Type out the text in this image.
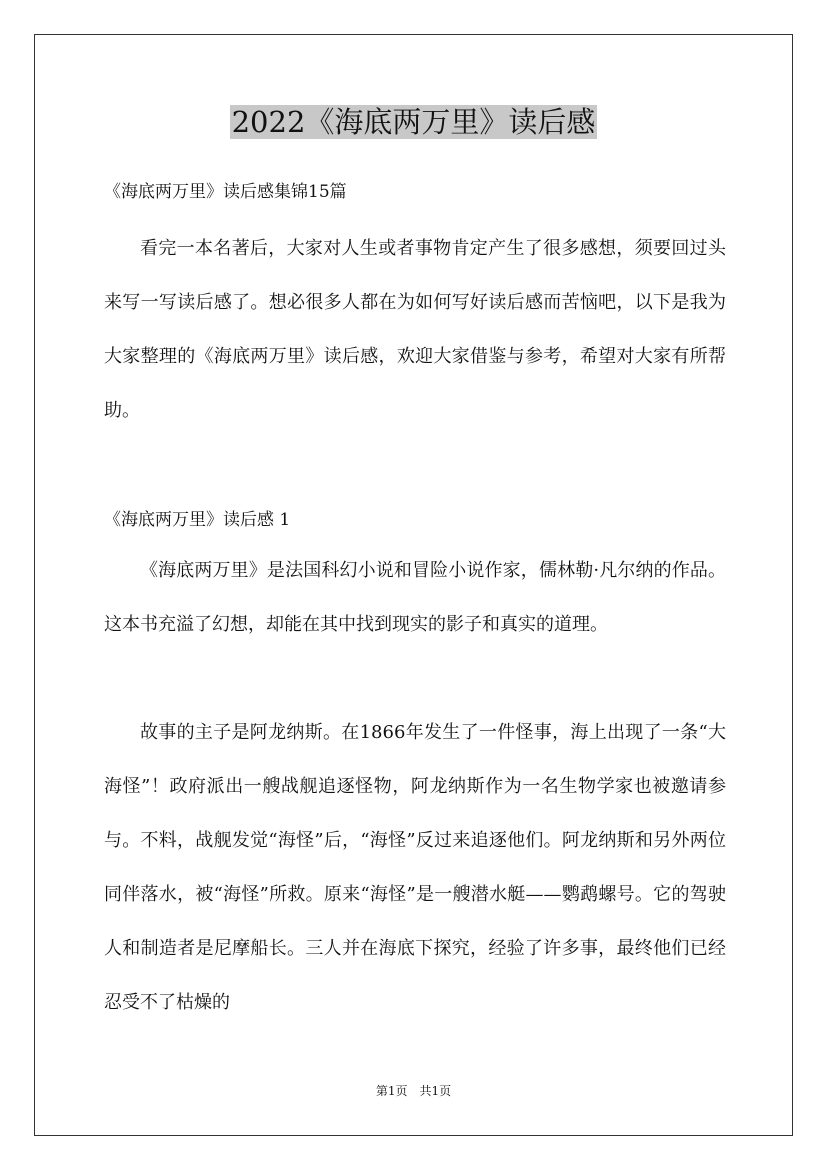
2022《海底两万里》读后感

《海底两万里》读后感集锦15篇

看完一本名著后，大家对人生或者事物肯定产生了很多感想，须要回过头来写一写读后感了。想必很多人都在为如何写好读后感而苦恼吧，以下是我为大家整理的《海底两万里》读后感，欢迎大家借鉴与参考，希望对大家有所帮助。

《海底两万里》读后感 1

《海底两万里》是法国科幻小说和冒险小说作家，儒林勒·凡尔纳的作品。这本书充溢了幻想，却能在其中找到现实的影子和真实的道理。

故事的主子是阿龙纳斯。在1866年发生了一件怪事，海上出现了一条“大海怪”！政府派出一艘战舰追逐怪物，阿龙纳斯作为一名生物学家也被邀请参与。不料，战舰发觉“海怪”后，“海怪”反过来追逐他们。阿龙纳斯和另外两位同伴落水，被“海怪”所救。原来“海怪”是一艘潜水艇——鹦鹉螺号。它的驾驶人和制造者是尼摩船长。三人并在海底下探究，经验了许多事，最终他们已经忍受不了枯燥的

第1页　共1页
